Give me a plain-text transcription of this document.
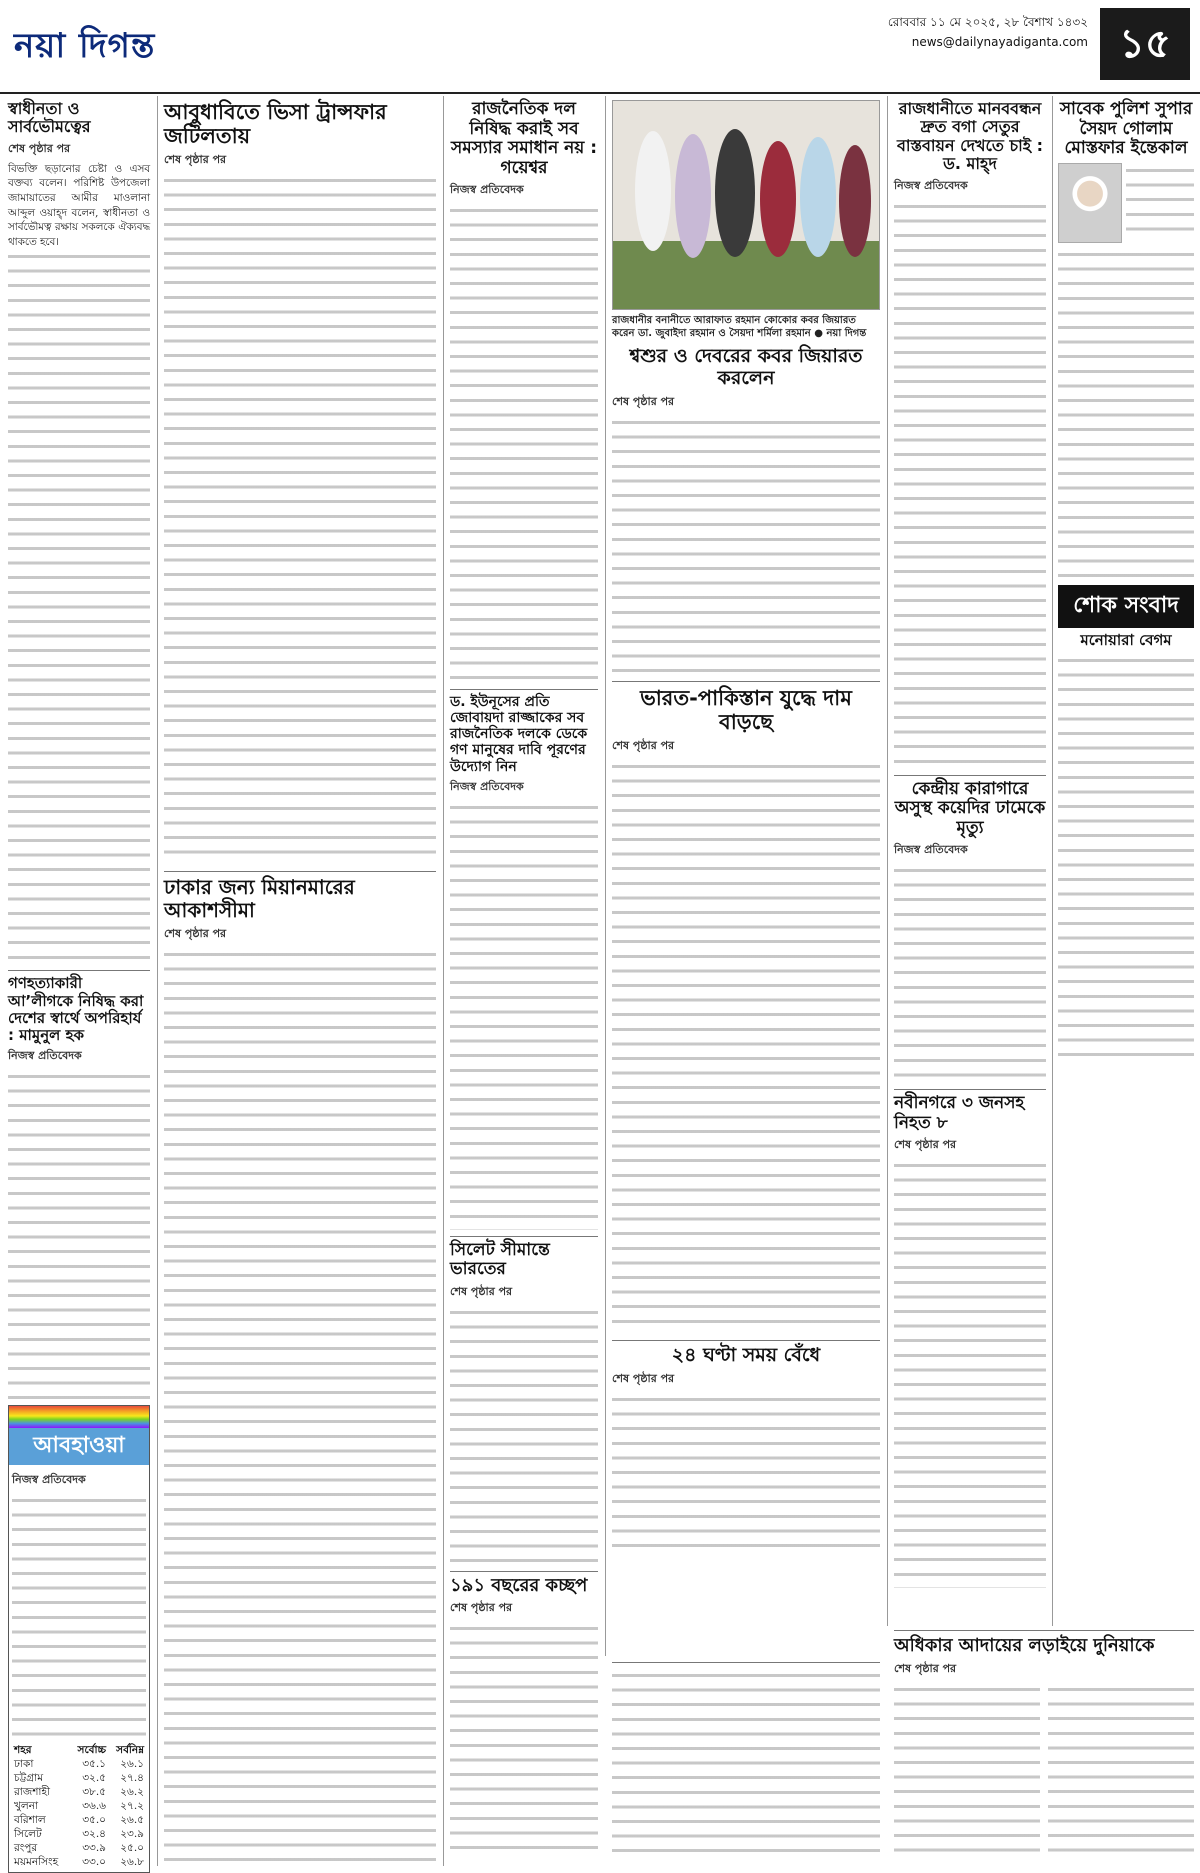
নয়া দিগন্ত
রোববার ১১ মে ২০২৫, ২৮ বৈশাখ ১৪৩২
news@dailynayadiganta.com ১৫
স্বাধীনতা ও সার্বভৌমত্বের
শেষ পৃষ্ঠার পর
বিভক্তি ছড়ানোর চেষ্টা ও এসব বক্তব্য বলেন। পরিশিষ্ট উপজেলা জামায়াতের আমীর মাওলানা আব্দুল ওয়াহ্‌দ বলেন, স্বাধীনতা ও সার্বভৌমত্ব রক্ষায় সকলকে ঐক্যবদ্ধ থাকতে হবে।
গণহত্যাকারী আ’লীগকে নিষিদ্ধ করা দেশের স্বার্থে অপরিহার্য : মামুনুল হক
নিজস্ব প্রতিবেদক
আবহাওয়া
নিজস্ব প্রতিবেদক
শহর	সর্বোচ্চ	সর্বনিম্ন
ঢাকা	৩৫.১	২৬.১
চট্টগ্রাম	৩২.৫	২৭.৪
রাজশাহী	৩৮.৫	২৬.২
খুলনা	৩৬.৬	২৭.২
বরিশাল	৩৫.০	২৬.৫
সিলেট	৩২.৪	২৩.৯
রংপুর	৩৩.৯	২৫.০
ময়মনসিংহ	৩৩.০	২৬.৮
আবুধাবিতে ভিসা ট্রান্সফার জটিলতায়
শেষ পৃষ্ঠার পর
ঢাকার জন্য মিয়ানমারের আকাশসীমা
শেষ পৃষ্ঠার পর
রাজনৈতিক দল নিষিদ্ধ করাই সব সমস্যার সমাধান নয় : গয়েশ্বর
নিজস্ব প্রতিবেদক
ড. ইউনূসের প্রতি জোবায়দা রাজ্জাকের সব রাজনৈতিক দলকে ডেকে গণ মানুষের দাবি পূরণের উদ্যোগ নিন
নিজস্ব প্রতিবেদক
সিলেট সীমান্তে ভারতের
শেষ পৃষ্ঠার পর
১৯১ বছরের কচ্ছপ
শেষ পৃষ্ঠার পর
রাজধানীর বনানীতে আরাফাত রহমান কোকোর কবর জিয়ারত করেন ডা. জুবাইদা রহমান ও সৈয়দা শর্মিলা রহমান ● নয়া দিগন্ত
শ্বশুর ও দেবরের কবর জিয়ারত করলেন
শেষ পৃষ্ঠার পর
ভারত-পাকিস্তান যুদ্ধে দাম বাড়ছে
শেষ পৃষ্ঠার পর
২৪ ঘণ্টা সময় বেঁধে
শেষ পৃষ্ঠার পর
রাজধানীতে মানববন্ধন দ্রুত বগা সেতুর বাস্তবায়ন দেখতে চাই : ড. মাহ্‌দ
নিজস্ব প্রতিবেদক
কেন্দ্রীয় কারাগারে অসুস্থ কয়েদির ঢামেকে মৃত্যু
নিজস্ব প্রতিবেদক
নবীনগরে ৩ জনসহ নিহত ৮
শেষ পৃষ্ঠার পর
সাবেক পুলিশ সুপার সৈয়দ গোলাম মোস্তফার ইন্তেকাল
শোক সংবাদ
মনোয়ারা বেগম
অধিকার আদায়ের লড়াইয়ে দুনিয়াকে
শেষ পৃষ্ঠার পর
